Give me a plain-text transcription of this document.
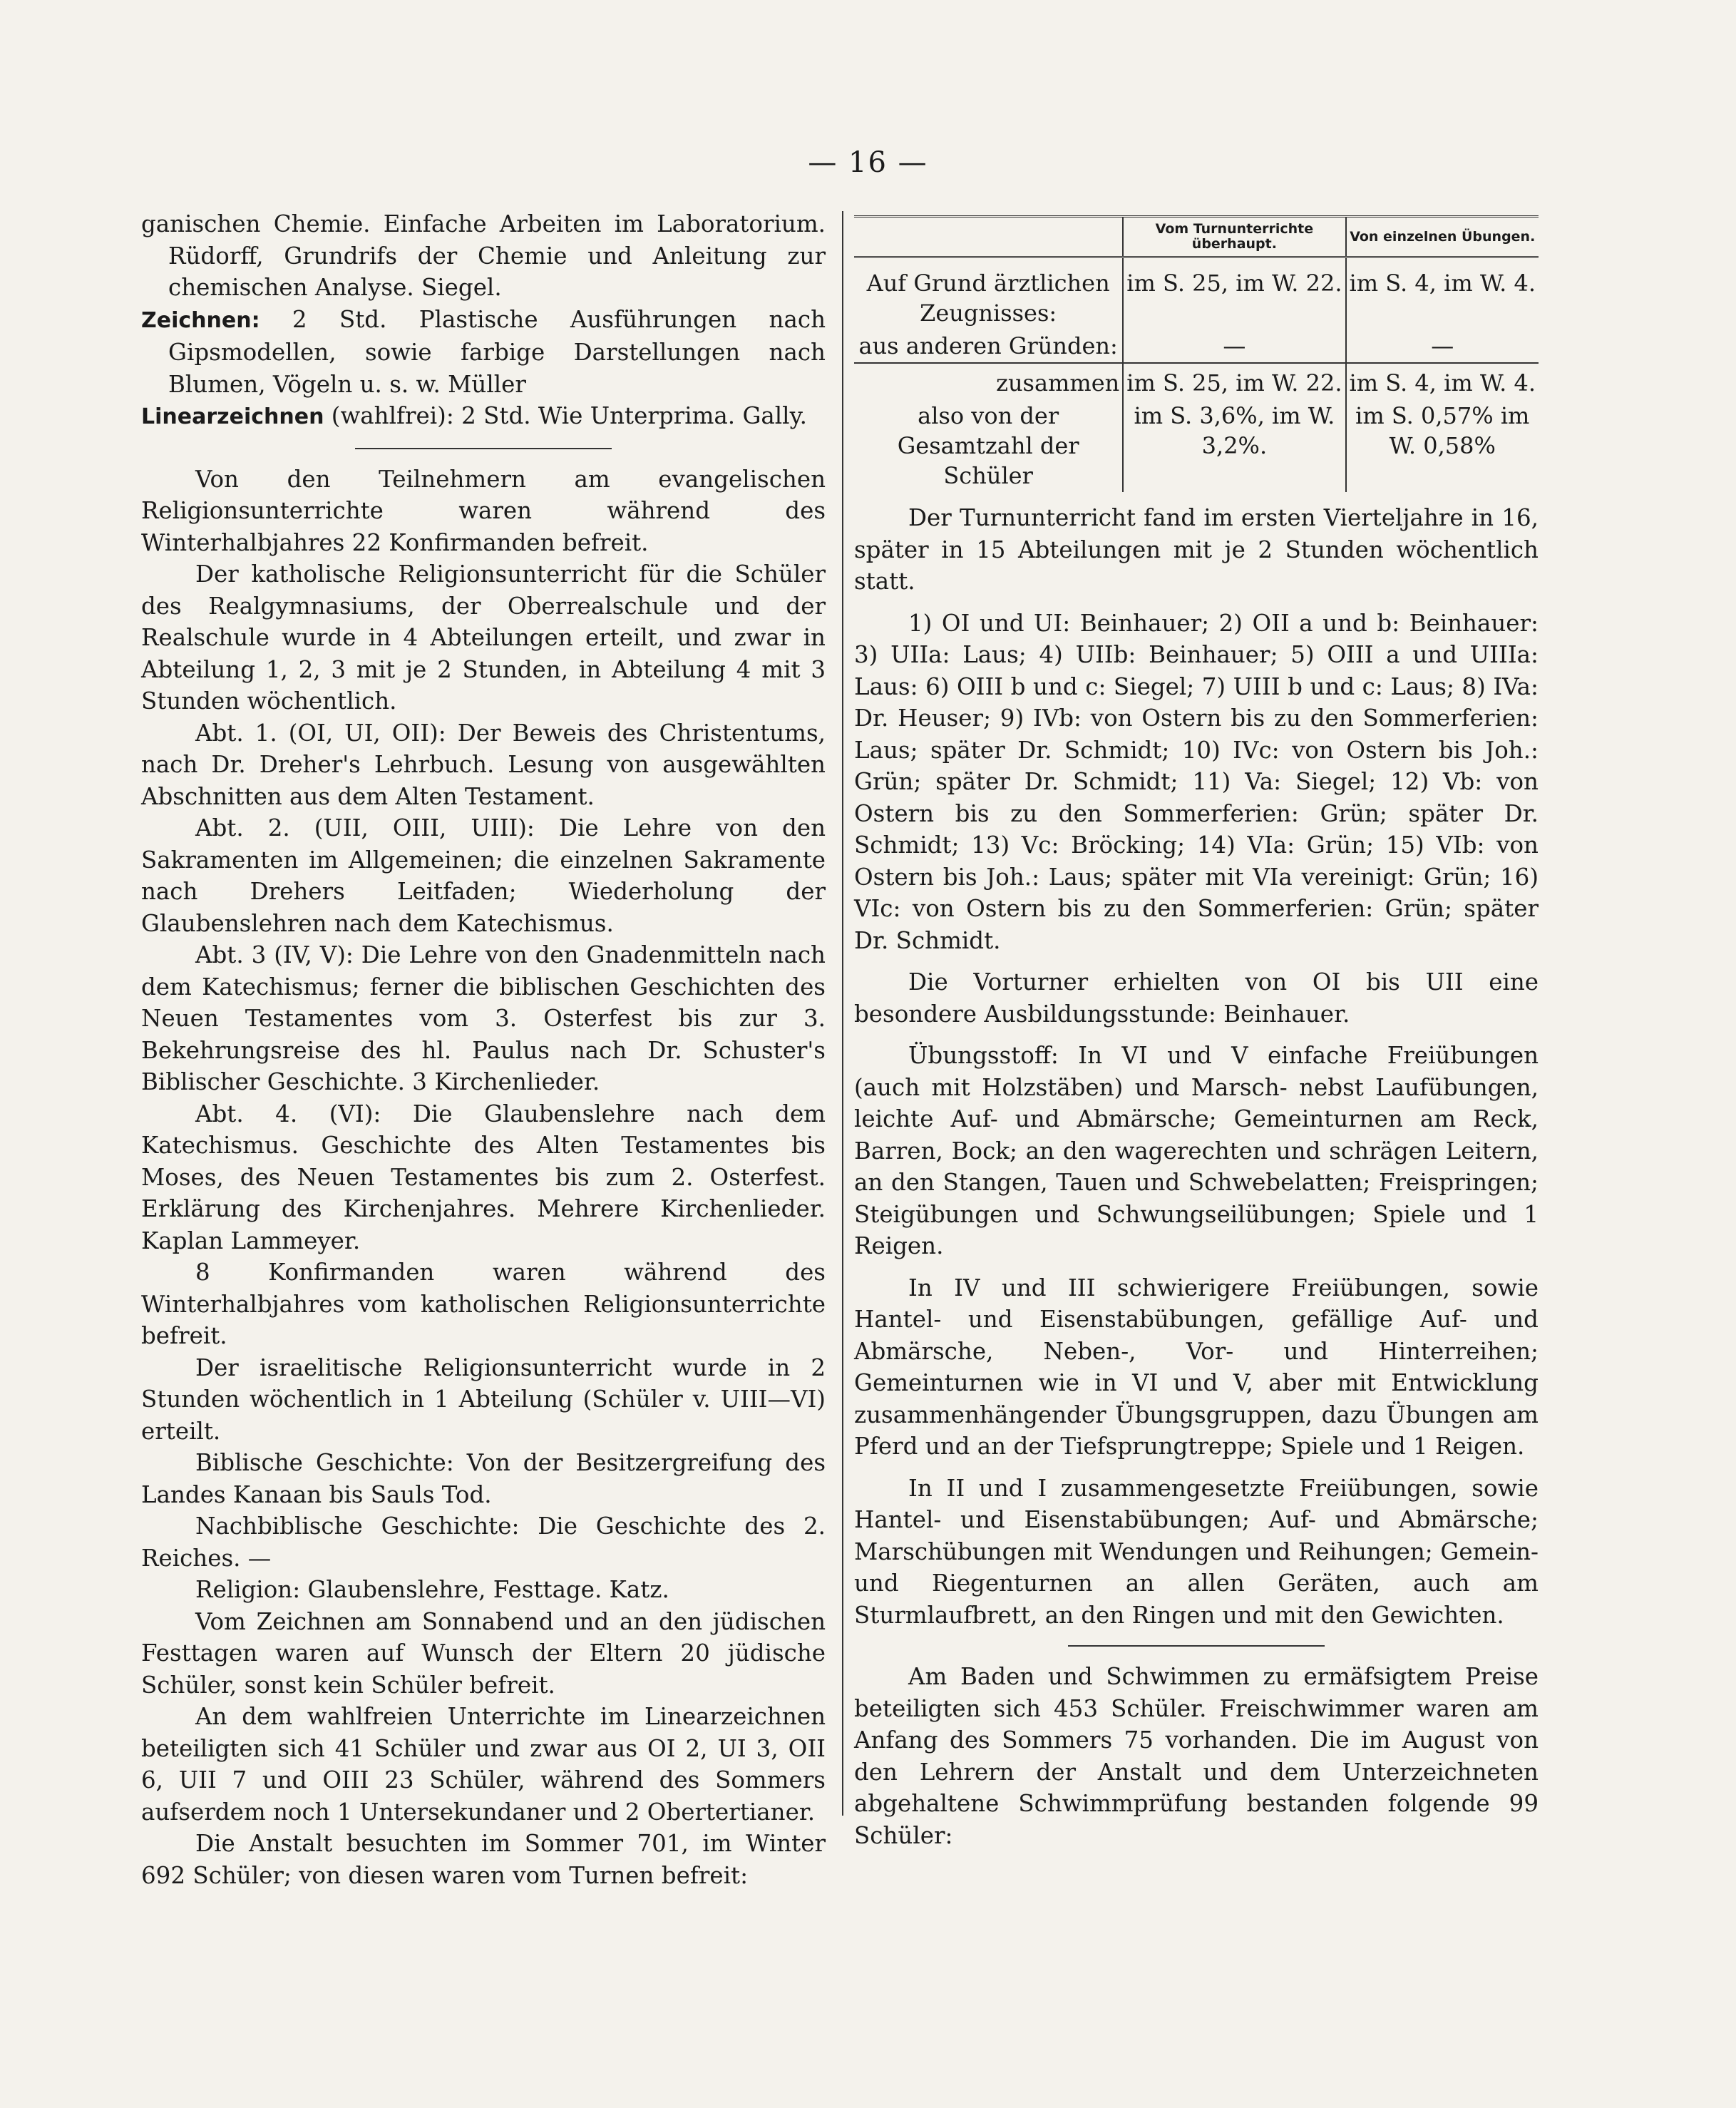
— 16 —

ganischen Chemie. Einfache Arbeiten im Laboratorium. Rüdorff, Grundrifs der Chemie und Anleitung zur chemischen Analyse. Siegel.

Zeichnen: 2 Std. Plastische Ausführungen nach Gipsmodellen, sowie farbige Darstellungen nach Blumen, Vögeln u. s. w. Müller

Linearzeichnen (wahlfrei): 2 Std. Wie Unterprima. Gally.

Von den Teilnehmern am evangelischen Religionsunterrichte waren während des Winterhalbjahres 22 Konfirmanden befreit.

Der katholische Religionsunterricht für die Schüler des Realgymnasiums, der Oberrealschule und der Realschule wurde in 4 Abteilungen erteilt, und zwar in Abteilung 1, 2, 3 mit je 2 Stunden, in Abteilung 4 mit 3 Stunden wöchentlich.

Abt. 1. (OI, UI, OII): Der Beweis des Christentums, nach Dr. Dreher's Lehrbuch. Lesung von ausgewählten Abschnitten aus dem Alten Testament.

Abt. 2. (UII, OIII, UIII): Die Lehre von den Sakramenten im Allgemeinen; die einzelnen Sakramente nach Drehers Leitfaden; Wiederholung der Glaubenslehren nach dem Katechismus.

Abt. 3 (IV, V): Die Lehre von den Gnadenmitteln nach dem Katechismus; ferner die biblischen Geschichten des Neuen Testamentes vom 3. Osterfest bis zur 3. Bekehrungsreise des hl. Paulus nach Dr. Schuster's Biblischer Geschichte. 3 Kirchenlieder.

Abt. 4. (VI): Die Glaubenslehre nach dem Katechismus. Geschichte des Alten Testamentes bis Moses, des Neuen Testamentes bis zum 2. Osterfest. Erklärung des Kirchenjahres. Mehrere Kirchenlieder. Kaplan Lammeyer.

8 Konfirmanden waren während des Winterhalbjahres vom katholischen Religionsunterrichte befreit.

Der israelitische Religionsunterricht wurde in 2 Stunden wöchentlich in 1 Abteilung (Schüler v. UIII—VI) erteilt.

Biblische Geschichte: Von der Besitzergreifung des Landes Kanaan bis Sauls Tod.

Nachbiblische Geschichte: Die Geschichte des 2. Reiches. —

Religion: Glaubenslehre, Festtage. Katz.

Vom Zeichnen am Sonnabend und an den jüdischen Festtagen waren auf Wunsch der Eltern 20 jüdische Schüler, sonst kein Schüler befreit.

An dem wahlfreien Unterrichte im Linearzeichnen beteiligten sich 41 Schüler und zwar aus OI 2, UI 3, OII 6, UII 7 und OIII 23 Schüler, während des Sommers aufserdem noch 1 Untersekundaner und 2 Obertertianer.

Die Anstalt besuchten im Sommer 701, im Winter 692 Schüler; von diesen waren vom Turnen befreit:

	Vom Turnunterrichte überhaupt.	Von einzelnen Übungen.
Auf Grund ärztlichen Zeugnisses:	im S. 25, im W. 22.	im S. 4, im W. 4.
aus anderen Gründen:	—	—
zusammen	im S. 25, im W. 22.	im S. 4, im W. 4.
also von der Gesamtzahl der Schüler	im S. 3,6%, im W. 3,2%.	im S. 0,57% im W. 0,58%

Der Turnunterricht fand im ersten Vierteljahre in 16, später in 15 Abteilungen mit je 2 Stunden wöchentlich statt.

1) OI und UI: Beinhauer; 2) OII a und b: Beinhauer: 3) UIIa: Laus; 4) UIIb: Beinhauer; 5) OIII a und UIIIa: Laus: 6) OIII b und c: Siegel; 7) UIII b und c: Laus; 8) IVa: Dr. Heuser; 9) IVb: von Ostern bis zu den Sommerferien: Laus; später Dr. Schmidt; 10) IVc: von Ostern bis Joh.: Grün; später Dr. Schmidt; 11) Va: Siegel; 12) Vb: von Ostern bis zu den Sommerferien: Grün; später Dr. Schmidt; 13) Vc: Bröcking; 14) VIa: Grün; 15) VIb: von Ostern bis Joh.: Laus; später mit VIa vereinigt: Grün; 16) VIc: von Ostern bis zu den Sommerferien: Grün; später Dr. Schmidt.

Die Vorturner erhielten von OI bis UII eine besondere Ausbildungsstunde: Beinhauer.

Übungsstoff: In VI und V einfache Freiübungen (auch mit Holzstäben) und Marsch- nebst Laufübungen, leichte Auf- und Abmärsche; Gemeinturnen am Reck, Barren, Bock; an den wagerechten und schrägen Leitern, an den Stangen, Tauen und Schwebelatten; Freispringen; Steigübungen und Schwungseilübungen; Spiele und 1 Reigen.

In IV und III schwierigere Freiübungen, sowie Hantel- und Eisenstabübungen, gefällige Auf- und Abmärsche, Neben-, Vor- und Hinterreihen; Gemeinturnen wie in VI und V, aber mit Entwicklung zusammenhängender Übungsgruppen, dazu Übungen am Pferd und an der Tiefsprungtreppe; Spiele und 1 Reigen.

In II und I zusammengesetzte Freiübungen, sowie Hantel- und Eisenstabübungen; Auf- und Abmärsche; Marschübungen mit Wendungen und Reihungen; Gemein- und Riegenturnen an allen Geräten, auch am Sturmlaufbrett, an den Ringen und mit den Gewichten.

Am Baden und Schwimmen zu ermäfsigtem Preise beteiligten sich 453 Schüler. Freischwimmer waren am Anfang des Sommers 75 vorhanden. Die im August von den Lehrern der Anstalt und dem Unterzeichneten abgehaltene Schwimmprüfung bestanden folgende 99 Schüler:
